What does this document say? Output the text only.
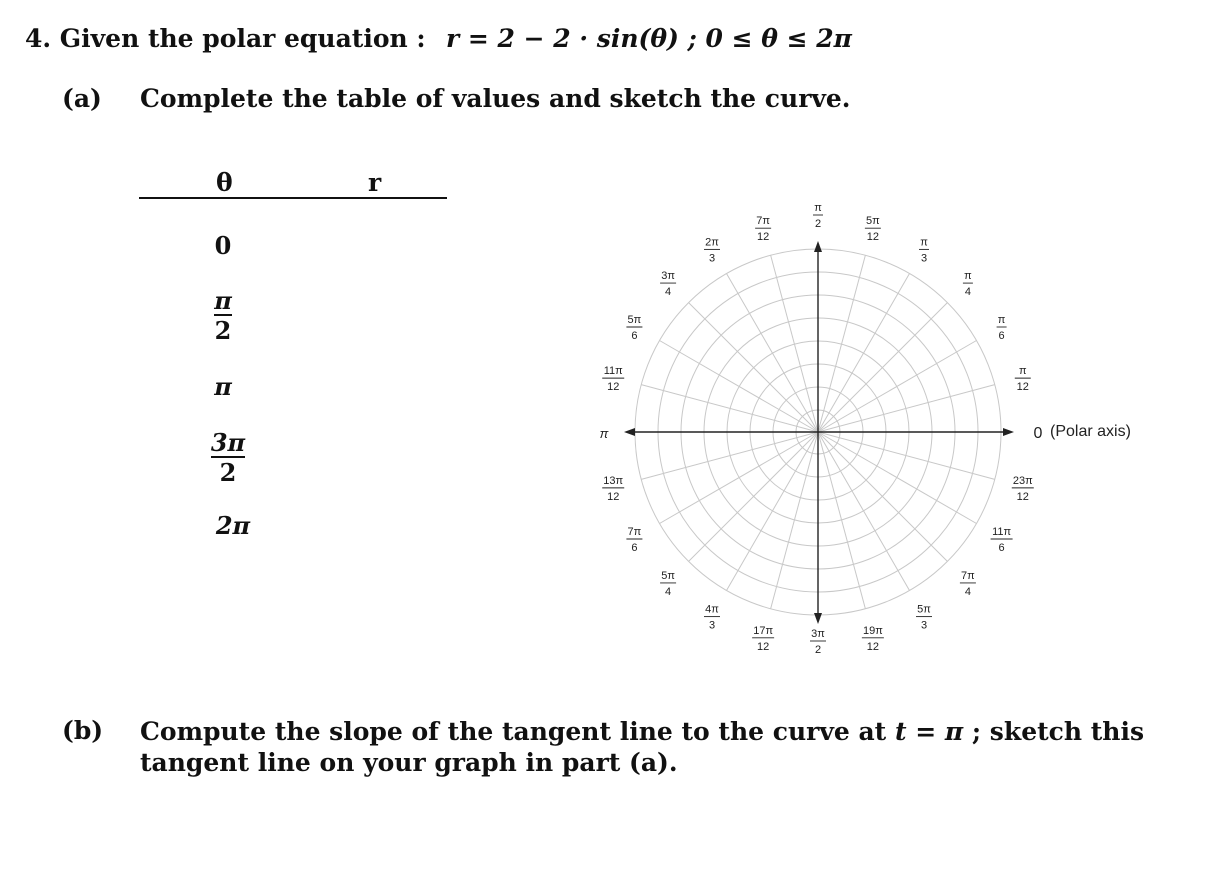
4. Given the polar equation : r = 2 − 2 · sin(θ) ; 0 ≤ θ ≤ 2π
(a) Complete the table of values and sketch the curve.
θ	r
0
$\frac{\pi}{2}$
π
$\frac{3\pi}{2}$
2π
π
2	5π
12	π
3
π
4
π
6
π
12
0
23π
12
11π
6
7π
4
5π
3
19π
12
3π
2
17π
12
4π
3
5π
4
7π
6
13π
12
π
11π
12
5π
6
3π
4
2π
3
7π
12
(Polar axis)
(b) Compute the slope of the tangent line to the curve at t = π ; sketch this tangent line on your graph in part (a).
